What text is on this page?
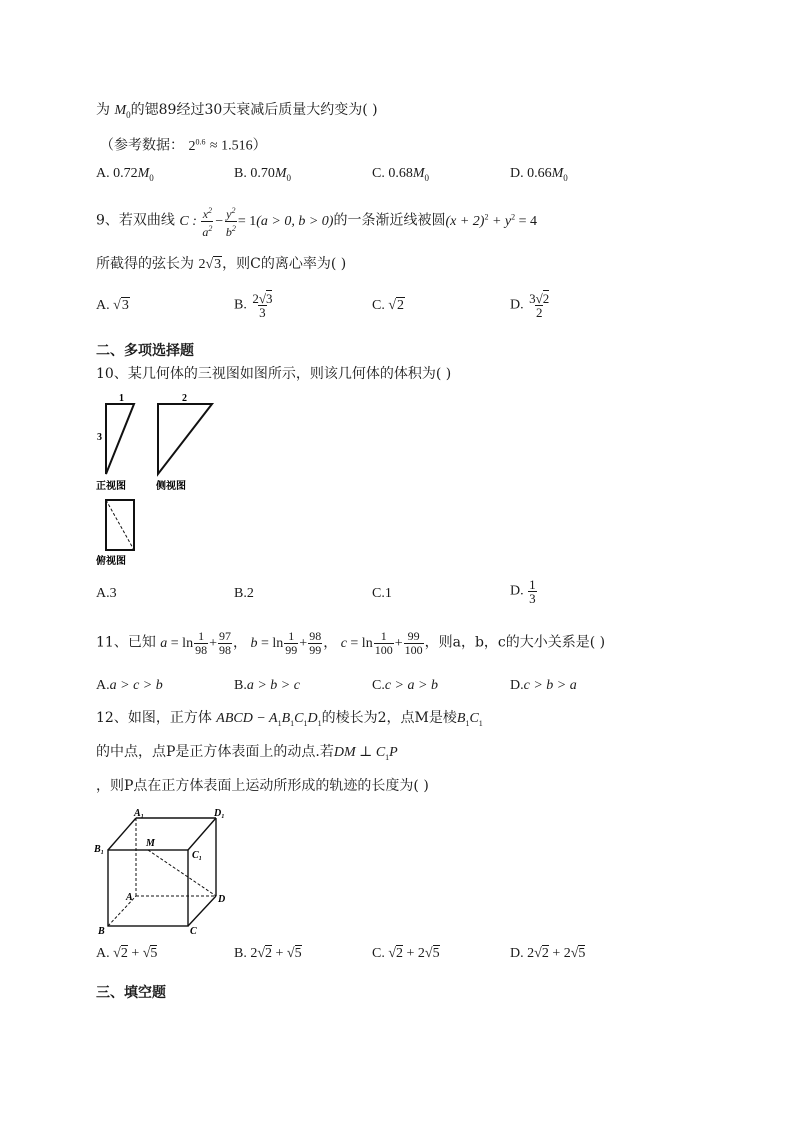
为 $M_0$的锶89经过30天衰减后质量大约变为( )
（参考数据： $2^{0.6} \approx 1.516$）
A. $0.72M_0$	B. $0.70M_0$	C. $0.68M_0$	D. $0.66M_0$
9、若双曲线 C : $\frac{x^2}{a^2} - \frac{y^2}{b^2} = 1(a > 0$, b > 0)的一条渐近线被圆$(x + 2)^2 + y^2 = 4$
所截得的弦长为 2√3，则C的离心率为( )
A. √3	B. $\frac{2√3}{3}$	C. √2	D. $\frac{3√2}{2}$
二、多项选择题
10、某几何体的三视图如图所示，则该几何体的体积为( )
1
3
正视图
2
侧视图
俯视图
A.3	B.2	C.1	D. $\frac{1}{3}$
11、已知 $a = \ln \frac{1}{98} + \frac{97}{98}$ ， $b = \ln \frac{1}{99} + \frac{98}{99}$ ， $c = \ln \frac{1}{100} + \frac{99}{100}$ ，则a，b，c的大小关系是( )
A.a > c > b	B.a > b > c	C.c > a > b	D.c > b > a
12、如图，正方体 ABCD − $A_1B_1C_1D_1$的棱长为2，点M是棱$B_1C_1$
的中点，点P是正方体表面上的动点.若DM ⊥ $C_1P$
，则P点在正方体表面上运动所形成的轨迹的长度为( )
A₁	D₁
B₁
M
C₁
A	D
B	C
A. √2 + √5	B. 2√2 + √5	C. √2 + 2√5	D. 2√2 + 2√5
三、填空题
